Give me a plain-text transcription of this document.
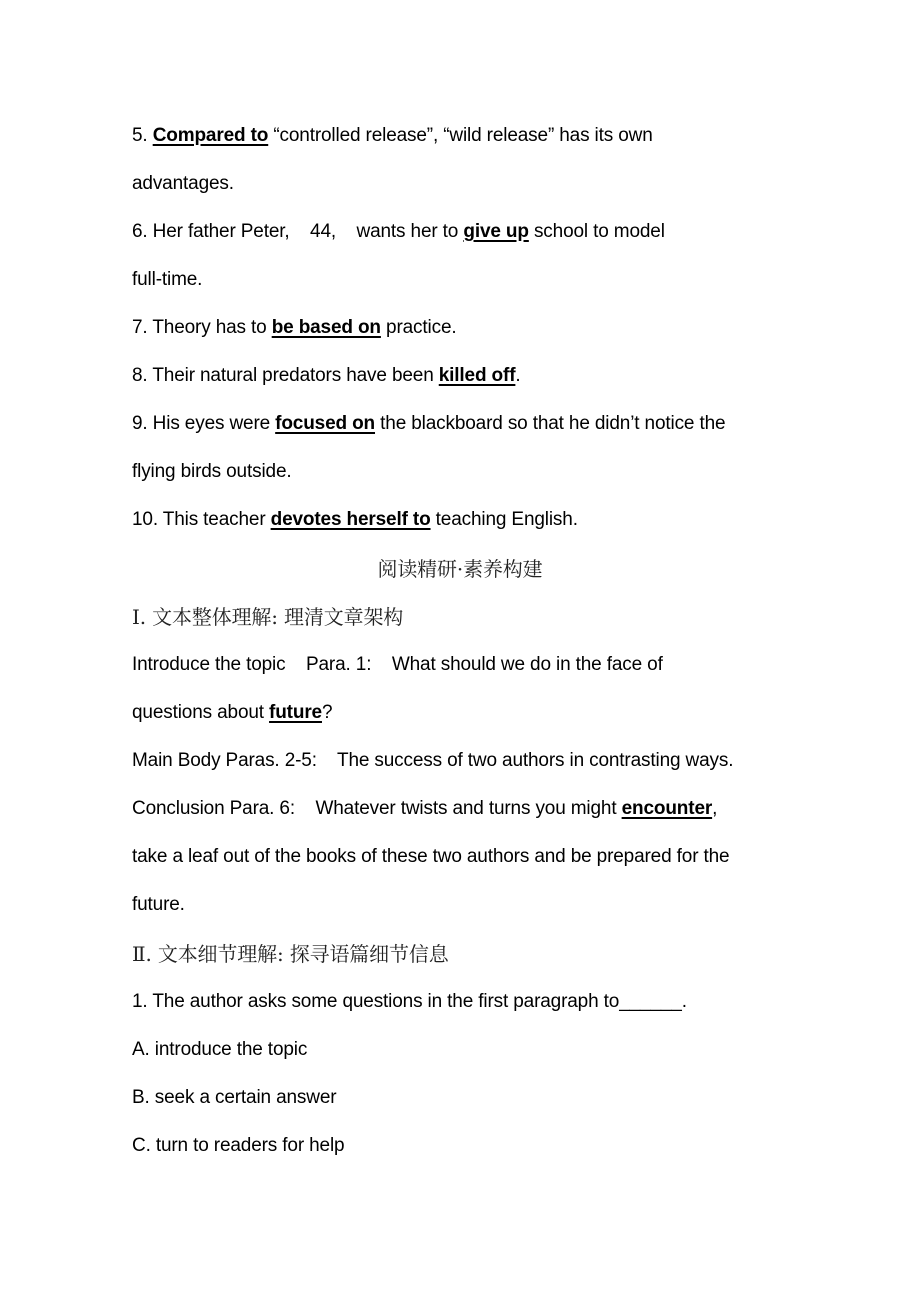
5. Compared to “controlled release”, “wild release” has its own
advantages.
6. Her father Peter,    44,    wants her to give up school to model
full-time.
7. Theory has to be based on practice.
8. Their natural predators have been killed off.
9. His eyes were focused on the blackboard so that he didn’t notice the
flying birds outside.
10. This teacher devotes herself to teaching English.
阅读精研·素养构建
Ⅰ. 文本整体理解: 理清文章架构
Introduce the topic    Para. 1:    What should we do in the face of
questions about future?
Main Body Paras. 2-5:    The success of two authors in contrasting ways.
Conclusion Para. 6:    Whatever twists and turns you might encounter,
take a leaf out of the books of these two authors and be prepared for the
future.
Ⅱ. 文本细节理解: 探寻语篇细节信息
1. The author asks some questions in the first paragraph to______.
A. introduce the topic
B. seek a certain answer
C. turn to readers for help
